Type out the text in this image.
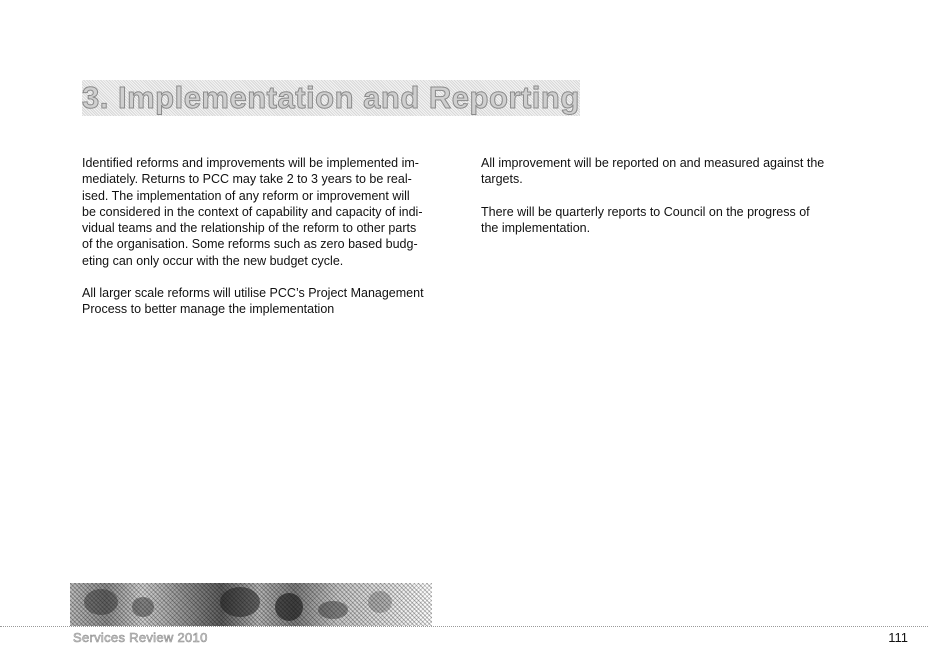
3. Implementation and Reporting

Identified reforms and improvements will be implemented im-
mediately. Returns to PCC may take 2 to 3 years to be real-
ised. The implementation of any reform or improvement will
be considered in the context of capability and capacity of indi-
vidual teams and the relationship of the reform to other parts
of the organisation. Some reforms such as zero based budg-
eting can only occur with the new budget cycle.

All larger scale reforms will utilise PCC’s Project Management
Process to better manage the implementation

All improvement will be reported on and measured against the
targets.

There will be quarterly reports to Council on the progress of
the implementation.

Services Review 2010	111
